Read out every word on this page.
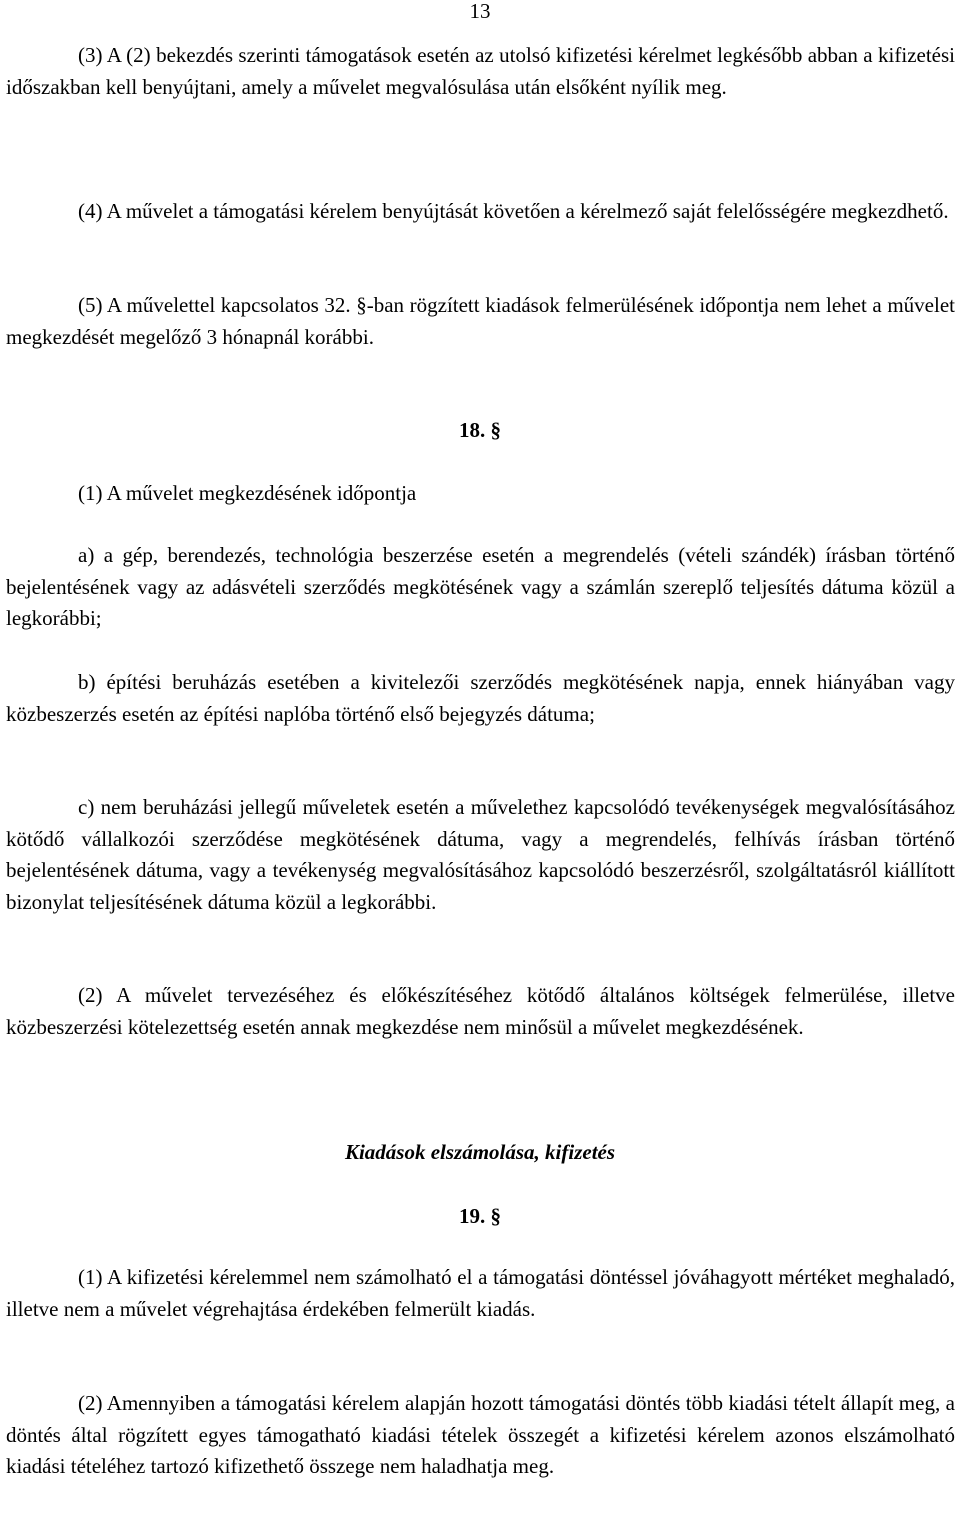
13

(3) A (2) bekezdés szerinti támogatások esetén az utolsó kifizetési kérelmet legkésőbb abban a kifizetési időszakban kell benyújtani, amely a művelet megvalósulása után elsőként nyílik meg.

(4) A művelet a támogatási kérelem benyújtását követően a kérelmező saját felelősségére megkezdhető.

(5) A művelettel kapcsolatos 32. §-ban rögzített kiadások felmerülésének időpontja nem lehet a művelet megkezdését megelőző 3 hónapnál korábbi.

18. §

(1) A művelet megkezdésének időpontja

a) a gép, berendezés, technológia beszerzése esetén a megrendelés (vételi szándék) írásban történő bejelentésének vagy az adásvételi szerződés megkötésének vagy a számlán szereplő teljesítés dátuma közül a legkorábbi;

b) építési beruházás esetében a kivitelezői szerződés megkötésének napja, ennek hiányában vagy közbeszerzés esetén az építési naplóba történő első bejegyzés dátuma;

c) nem beruházási jellegű műveletek esetén a művelethez kapcsolódó tevékenységek megvalósításához kötődő vállalkozói szerződése megkötésének dátuma, vagy a megrendelés, felhívás írásban történő bejelentésének dátuma, vagy a tevékenység megvalósításához kapcsolódó beszerzésről, szolgáltatásról kiállított bizonylat teljesítésének dátuma közül a legkorábbi.

(2) A művelet tervezéséhez és előkészítéséhez kötődő általános költségek felmerülése, illetve közbeszerzési kötelezettség esetén annak megkezdése nem minősül a művelet megkezdésének.

Kiadások elszámolása, kifizetés

19. §

(1) A kifizetési kérelemmel nem számolható el a támogatási döntéssel jóváhagyott mértéket meghaladó, illetve nem a művelet végrehajtása érdekében felmerült kiadás.

(2) Amennyiben a támogatási kérelem alapján hozott támogatási döntés több kiadási tételt állapít meg, a döntés által rögzített egyes támogatható kiadási tételek összegét a kifizetési kérelem azonos elszámolható kiadási tételéhez tartozó kifizethető összege nem haladhatja meg.
